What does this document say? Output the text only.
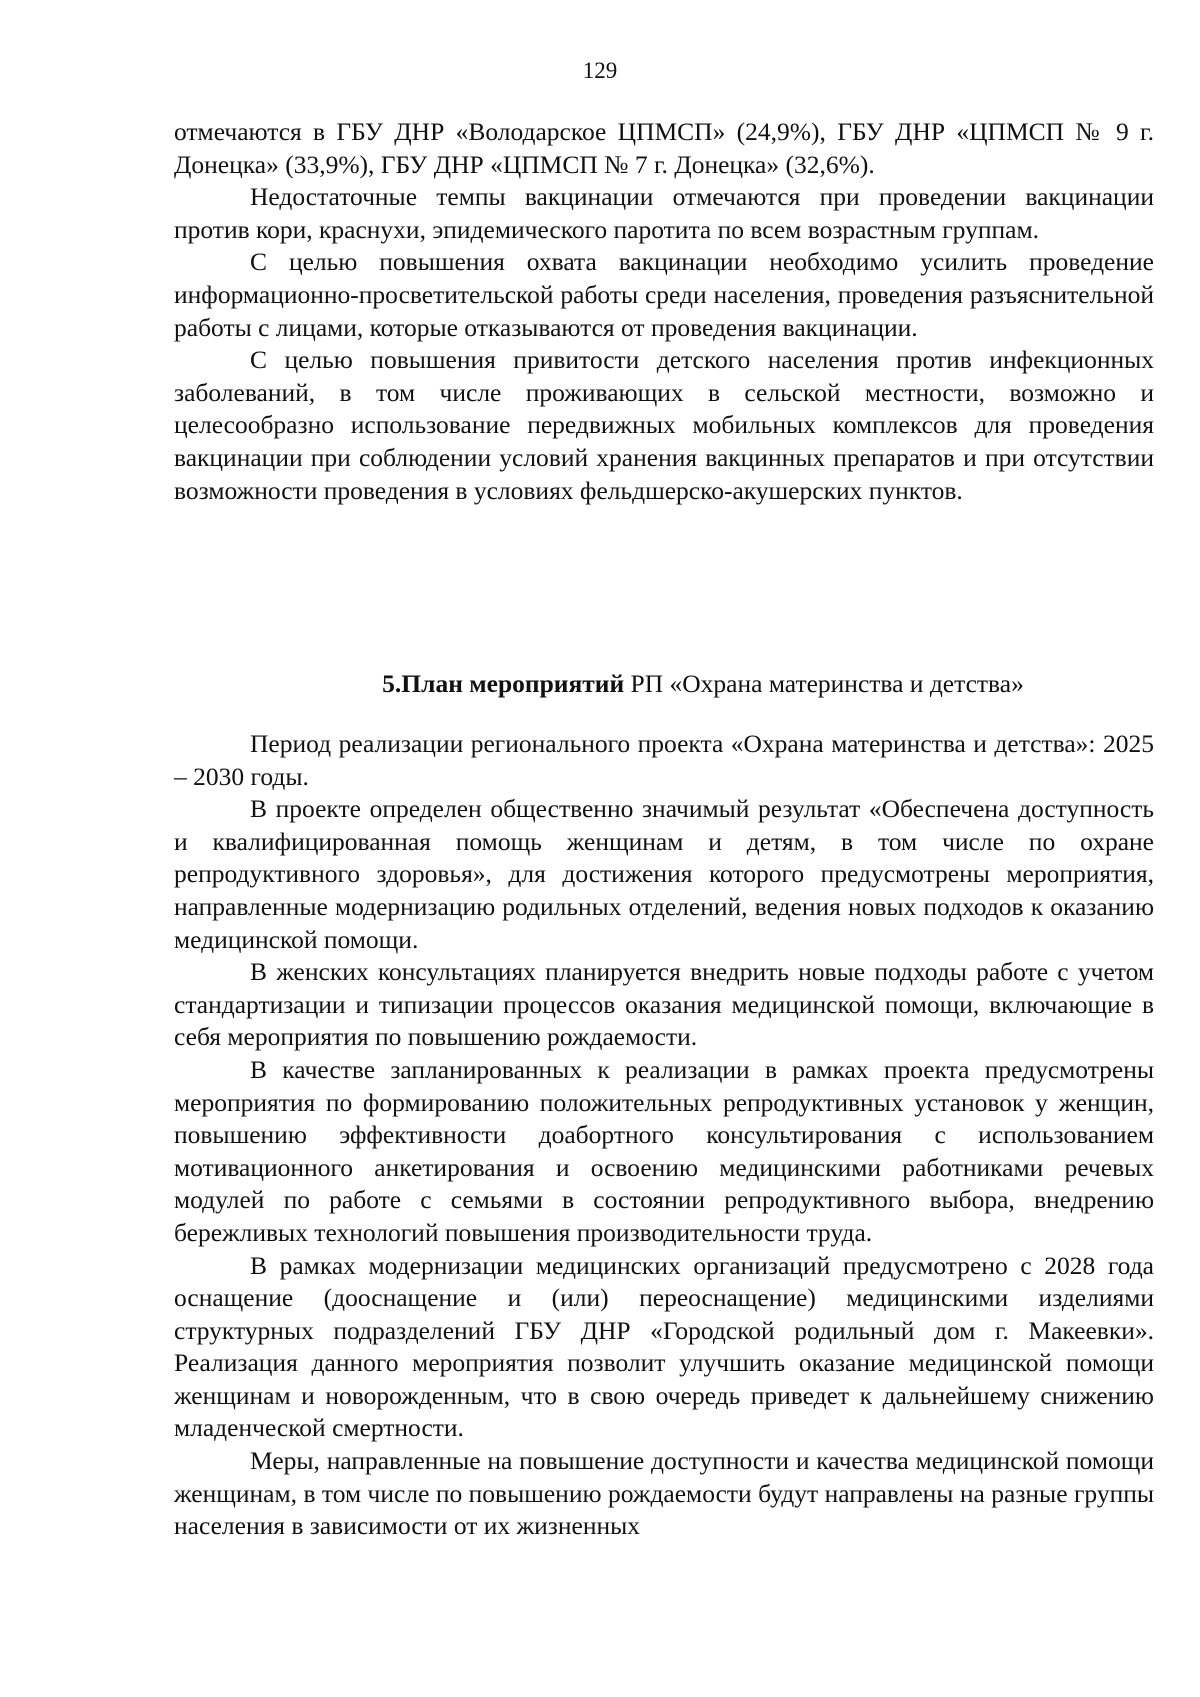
129

отмечаются в ГБУ ДНР «Володарское ЦПМСП» (24,9%), ГБУ ДНР «ЦПМСП № 9 г. Донецка» (33,9%), ГБУ ДНР «ЦПМСП № 7 г. Донецка» (32,6%).

Недостаточные темпы вакцинации отмечаются при проведении вакцинации против кори, краснухи, эпидемического паротита по всем возрастным группам.

С целью повышения охвата вакцинации необходимо усилить проведение информационно-просветительской работы среди населения, проведения разъяснительной работы с лицами, которые отказываются от проведения вакцинации.

С целью повышения привитости детского населения против инфекционных заболеваний, в том числе проживающих в сельской местности, возможно и целесообразно использование передвижных мобильных комплексов для проведения вакцинации при соблюдении условий хранения вакцинных препаратов и при отсутствии возможности проведения в условиях фельдшерско-акушерских пунктов.

5.План мероприятий РП «Охрана материнства и детства»

Период реализации регионального проекта «Охрана материнства и детства»: 2025 – 2030 годы.

В проекте определен общественно значимый результат «Обеспечена доступность и квалифицированная помощь женщинам и детям, в том числе по охране репродуктивного здоровья», для достижения которого предусмотрены мероприятия, направленные модернизацию родильных отделений, ведения новых подходов к оказанию медицинской помощи.

В женских консультациях планируется внедрить новые подходы работе с учетом стандартизации и типизации процессов оказания медицинской помощи, включающие в себя мероприятия по повышению рождаемости.

В качестве запланированных к реализации в рамках проекта предусмотрены мероприятия по формированию положительных репродуктивных установок у женщин, повышению эффективности доабортного консультирования с использованием мотивационного анкетирования и освоению медицинскими работниками речевых модулей по работе с семьями в состоянии репродуктивного выбора, внедрению бережливых технологий повышения производительности труда.

В рамках модернизации медицинских организаций предусмотрено с 2028 года оснащение (дооснащение и (или) переоснащение) медицинскими изделиями структурных подразделений ГБУ ДНР «Городской родильный дом г. Макеевки». Реализация данного мероприятия позволит улучшить оказание медицинской помощи женщинам и новорожденным, что в свою очередь приведет к дальнейшему снижению младенческой смертности.

Меры, направленные на повышение доступности и качества медицинской помощи женщинам, в том числе по повышению рождаемости будут направлены на разные группы населения в зависимости от их жизненных
